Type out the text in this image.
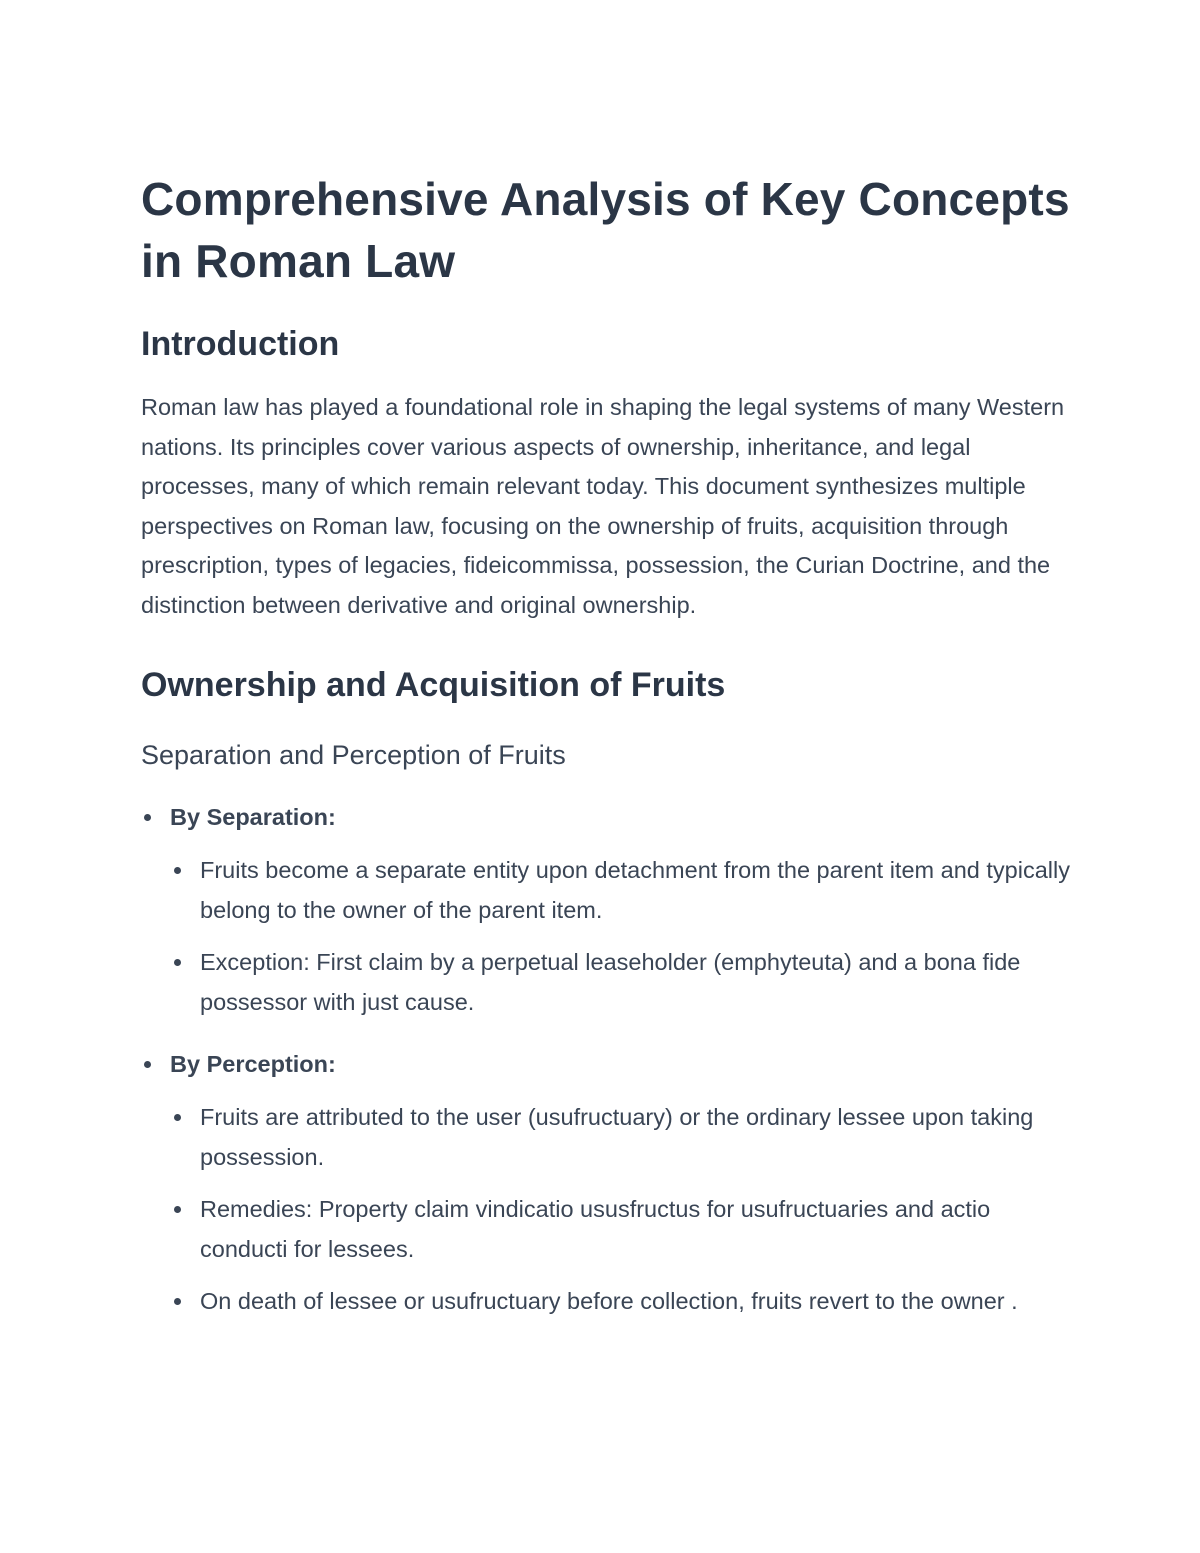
Comprehensive Analysis of Key Concepts in Roman Law
Introduction

Roman law has played a foundational role in shaping the legal systems of many Western nations. Its principles cover various aspects of ownership, inheritance, and legal processes, many of which remain relevant today. This document synthesizes multiple perspectives on Roman law, focusing on the ownership of fruits, acquisition through prescription, types of legacies, fideicommissa, possession, the Curian Doctrine, and the distinction between derivative and original ownership.

Ownership and Acquisition of Fruits
Separation and Perception of Fruits
By Separation:
Fruits become a separate entity upon detachment from the parent item and typically belong to the owner of the parent item.
Exception: First claim by a perpetual leaseholder (emphyteuta) and a bona fide possessor with just cause.
By Perception:
Fruits are attributed to the user (usufructuary) or the ordinary lessee upon taking possession.
Remedies: Property claim vindicatio ususfructus for usufructuaries and actio conducti for lessees.
On death of lessee or usufructuary before collection, fruits revert to the owner .
